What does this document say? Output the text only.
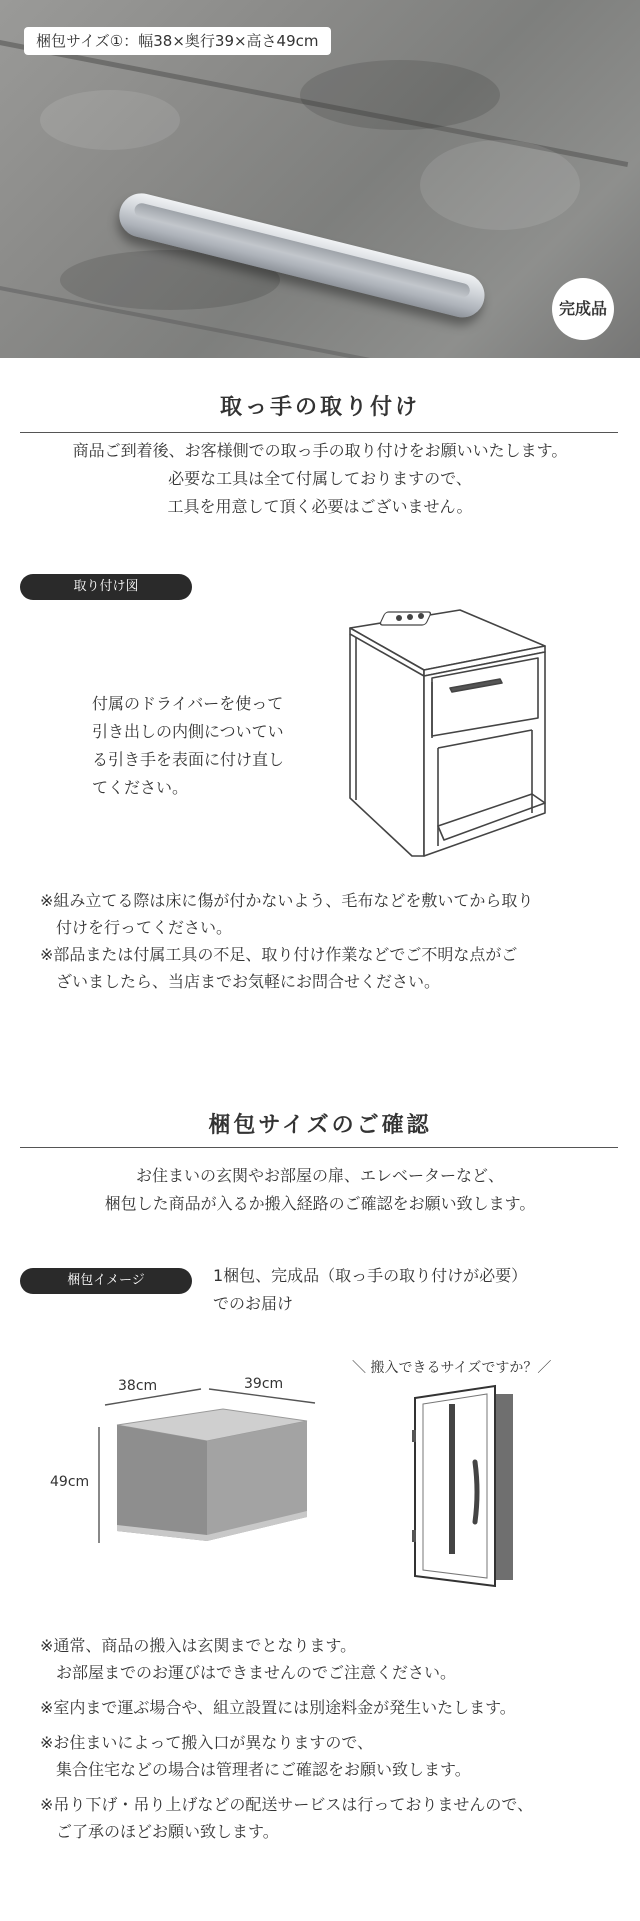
梱包サイズ①：幅38×奥行39×高さ49cm
完成品
取っ手の取り付け
商品ご到着後、お客様側での取っ手の取り付けをお願いいたします。
必要な工具は全て付属しておりますので、
工具を用意して頂く必要はございません。
取り付け図
付属のドライバーを使って
引き出しの内側についてい
る引き手を表面に付け直し
てください。
※組み立てる際は床に傷が付かないよう、毛布などを敷いてから取り
　付けを行ってください。
※部品または付属工具の不足、取り付け作業などでご不明な点がご
　ざいましたら、当店までお気軽にお問合せください。
梱包サイズのご確認
お住まいの玄関やお部屋の扉、エレベーターなど、
梱包した商品が入るか搬入経路のご確認をお願い致します。
梱包イメージ	1梱包、完成品（取っ手の取り付けが必要）
でのお届け
38cm	39cm
49cm
＼ 搬入できるサイズですか？／
※通常、商品の搬入は玄関までとなります。
　お部屋までのお運びはできませんのでご注意ください。
※室内まで運ぶ場合や、組立設置には別途料金が発生いたします。
※お住まいによって搬入口が異なりますので、
　集合住宅などの場合は管理者にご確認をお願い致します。
※吊り下げ・吊り上げなどの配送サービスは行っておりませんので、
　ご了承のほどお願い致します。
